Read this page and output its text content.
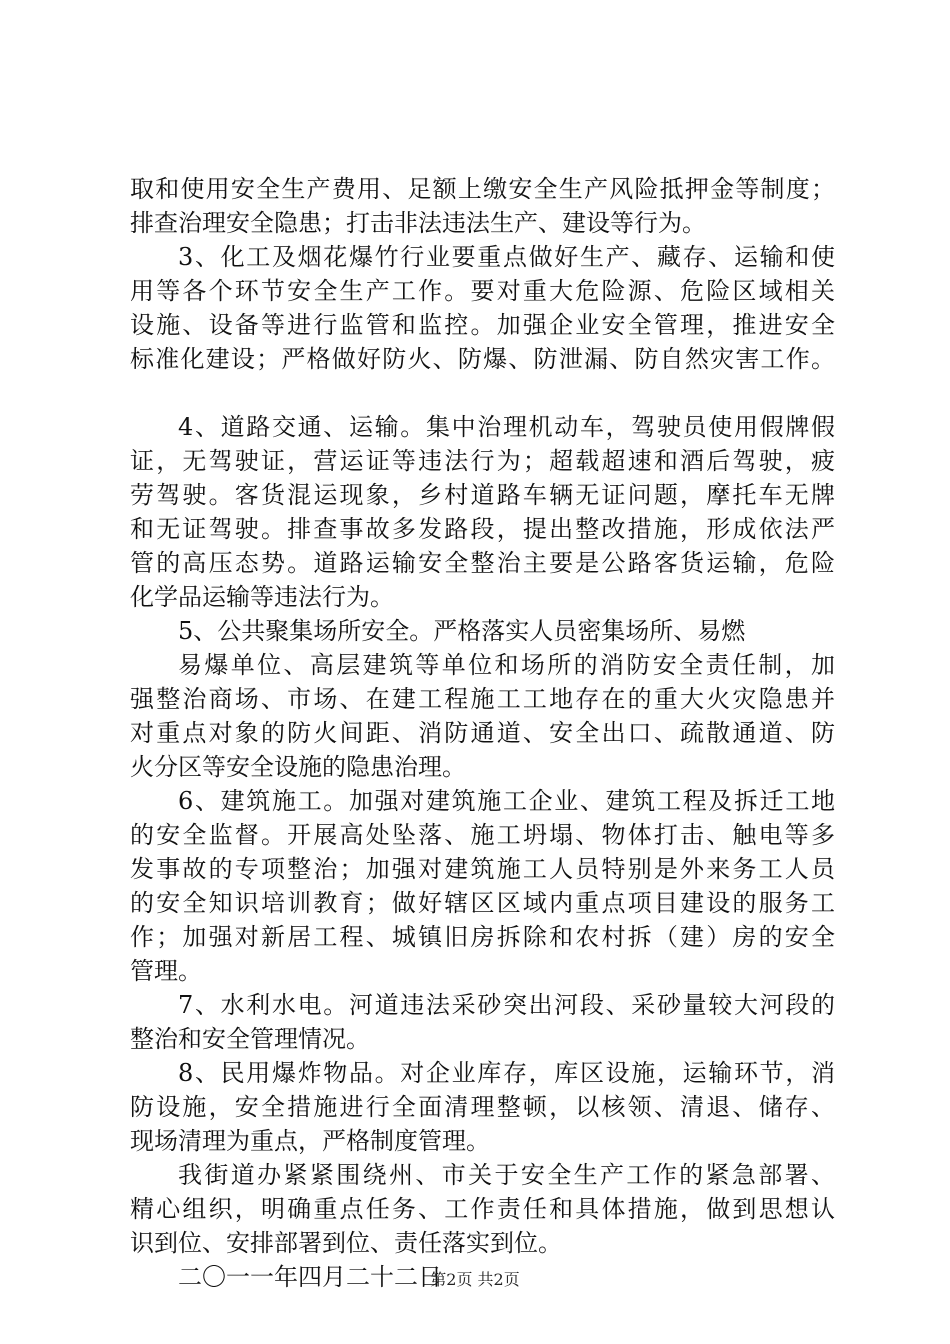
取和使用安全生产费用、足额上缴安全生产风险抵押金等制度；
排查治理安全隐患；打击非法违法生产、建设等行为。
3、化工及烟花爆竹行业要重点做好生产、藏存、运输和使
用等各个环节安全生产工作。要对重大危险源、危险区域相关
设施、设备等进行监管和监控。加强企业安全管理，推进安全
标准化建设；严格做好防火、防爆、防泄漏、防自然灾害工作。
4、道路交通、运输。集中治理机动车，驾驶员使用假牌假
证，无驾驶证，营运证等违法行为；超载超速和酒后驾驶，疲
劳驾驶。客货混运现象，乡村道路车辆无证问题，摩托车无牌
和无证驾驶。排查事故多发路段，提出整改措施，形成依法严
管的高压态势。道路运输安全整治主要是公路客货运输，危险
化学品运输等违法行为。
5、公共聚集场所安全。严格落实人员密集场所、易燃
易爆单位、高层建筑等单位和场所的消防安全责任制，加
强整治商场、市场、在建工程施工工地存在的重大火灾隐患并
对重点对象的防火间距、消防通道、安全出口、疏散通道、防
火分区等安全设施的隐患治理。
6、建筑施工。加强对建筑施工企业、建筑工程及拆迁工地
的安全监督。开展高处坠落、施工坍塌、物体打击、触电等多
发事故的专项整治；加强对建筑施工人员特别是外来务工人员
的安全知识培训教育；做好辖区区域内重点项目建设的服务工
作；加强对新居工程、城镇旧房拆除和农村拆（建）房的安全
管理。
7、水利水电。河道违法采砂突出河段、采砂量较大河段的
整治和安全管理情况。
8、民用爆炸物品。对企业库存，库区设施，运输环节，消
防设施，安全措施进行全面清理整顿，以核领、清退、储存、
现场清理为重点，严格制度管理。
我街道办紧紧围绕州、市关于安全生产工作的紧急部署、
精心组织，明确重点任务、工作责任和具体措施，做到思想认
识到位、安排部署到位、责任落实到位。
二〇一一年四月二十二日
第2页 共2页
